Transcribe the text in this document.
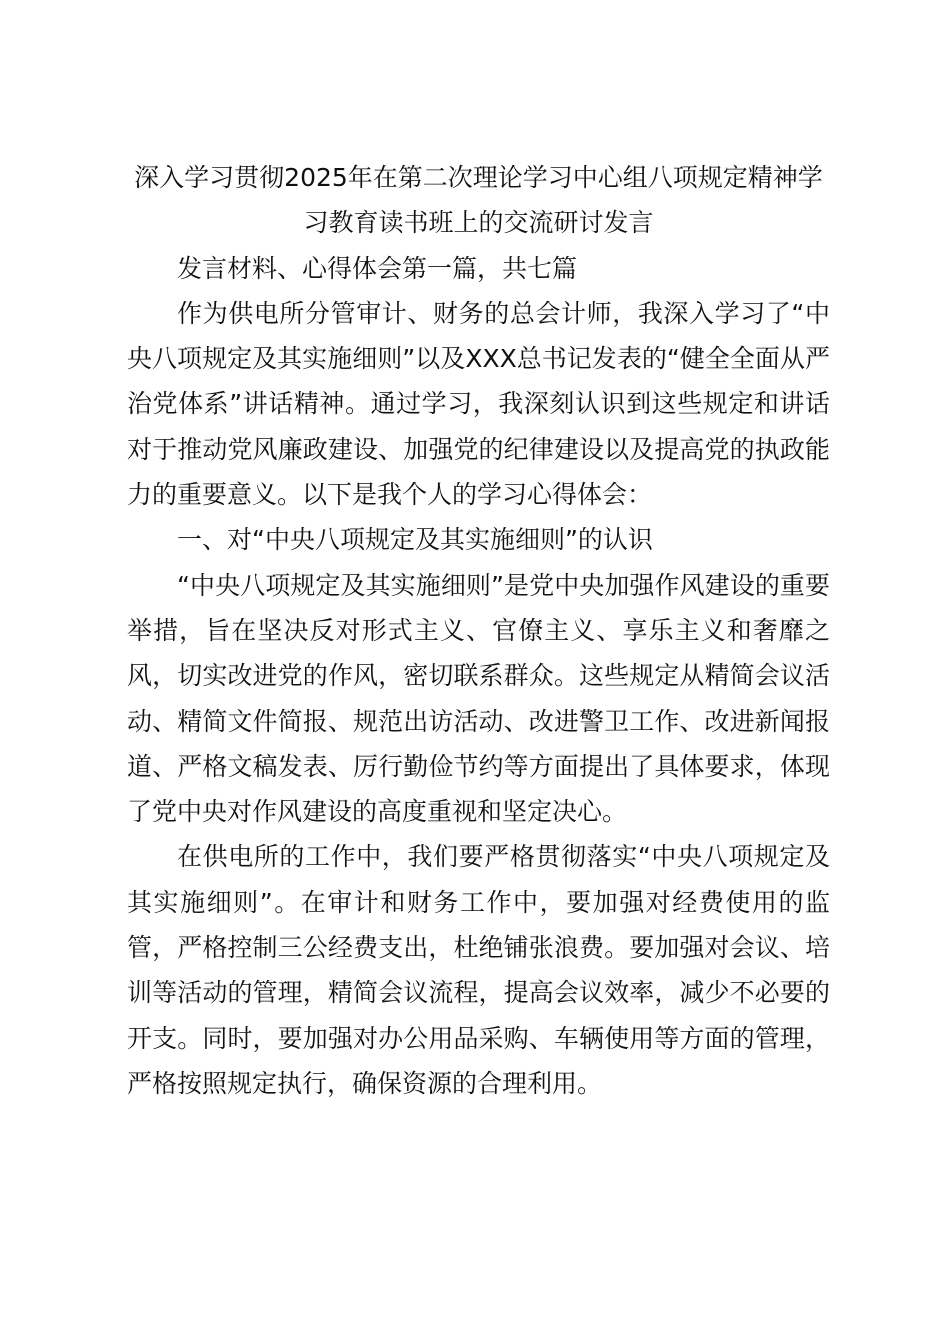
深入学习贯彻2025年在第二次理论学习中心组八项规定精神学
习教育读书班上的交流研讨发言

发言材料、心得体会第一篇，共七篇

作为供电所分管审计、财务的总会计师，我深入学习了“中央八项规定及其实施细则”以及XXX总书记发表的“健全全面从严治党体系”讲话精神。通过学习，我深刻认识到这些规定和讲话对于推动党风廉政建设、加强党的纪律建设以及提高党的执政能力的重要意义。以下是我个人的学习心得体会：

一、对“中央八项规定及其实施细则”的认识

“中央八项规定及其实施细则”是党中央加强作风建设的重要举措，旨在坚决反对形式主义、官僚主义、享乐主义和奢靡之风，切实改进党的作风，密切联系群众。这些规定从精简会议活动、精简文件简报、规范出访活动、改进警卫工作、改进新闻报道、严格文稿发表、厉行勤俭节约等方面提出了具体要求，体现了党中央对作风建设的高度重视和坚定决心。

在供电所的工作中，我们要严格贯彻落实“中央八项规定及其实施细则”。在审计和财务工作中，要加强对经费使用的监管，严格控制三公经费支出，杜绝铺张浪费。要加强对会议、培训等活动的管理，精简会议流程，提高会议效率，减少不必要的开支。同时，要加强对办公用品采购、车辆使用等方面的管理，严格按照规定执行，确保资源的合理利用。
